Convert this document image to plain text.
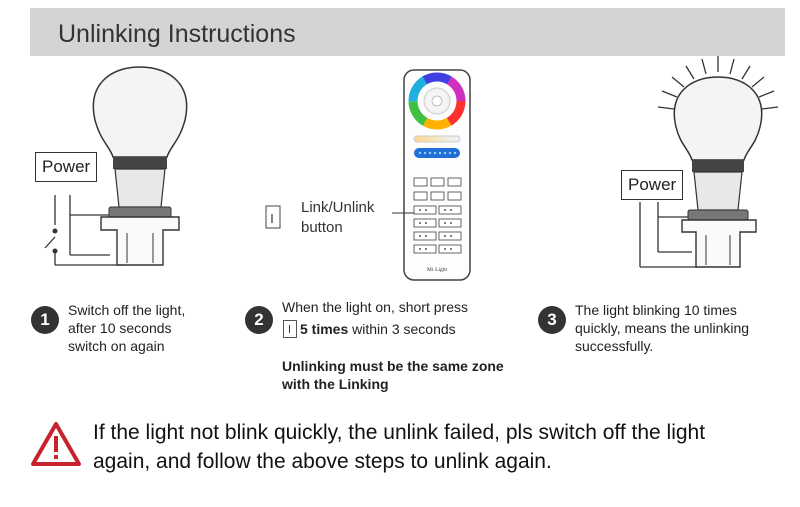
Unlinking Instructions
Power
Mi·Light
Link/Unlink
button
Power
1	Switch off the light,
after 10 seconds
switch on again
2
When the light on, short press
5 times within 3 seconds
Unlinking must be the same zone
with the Linking
3	The light blinking 10 times
quickly, means the unlinking
successfully.
If the light not blink quickly, the unlink failed, pls switch off the light
again, and follow the above steps to unlink again.
